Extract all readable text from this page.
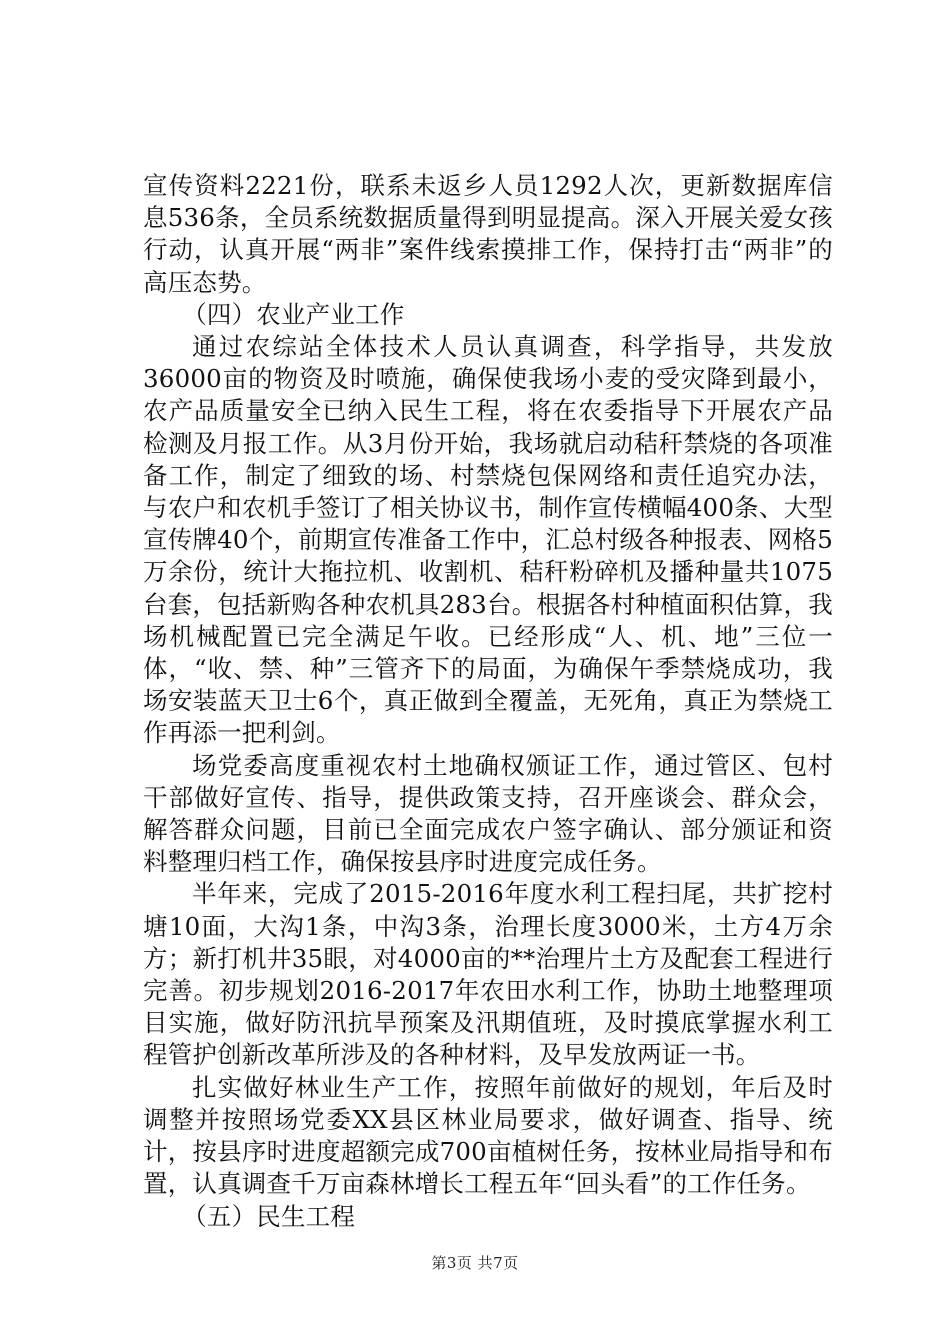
宣传资料2221份，联系未返乡人员1292人次，更新数据库信息536条，全员系统数据质量得到明显提高。深入开展关爱女孩行动，认真开展“两非”案件线索摸排工作，保持打击“两非”的高压态势。

（四）农业产业工作

通过农综站全体技术人员认真调查，科学指导，共发放36000亩的物资及时喷施，确保使我场小麦的受灾降到最小，农产品质量安全已纳入民生工程，将在农委指导下开展农产品检测及月报工作。从3月份开始，我场就启动秸秆禁烧的各项准备工作，制定了细致的场、村禁烧包保网络和责任追究办法，与农户和农机手签订了相关协议书，制作宣传横幅400条、大型宣传牌40个，前期宣传准备工作中，汇总村级各种报表、网格5万余份，统计大拖拉机、收割机、秸秆粉碎机及播种量共1075台套，包括新购各种农机具283台。根据各村种植面积估算，我场机械配置已完全满足午收。已经形成“人、机、地”三位一体，“收、禁、种”三管齐下的局面，为确保午季禁烧成功，我场安装蓝天卫士6个，真正做到全覆盖，无死角，真正为禁烧工作再添一把利剑。

场党委高度重视农村土地确权颁证工作，通过管区、包村干部做好宣传、指导，提供政策支持，召开座谈会、群众会，解答群众问题，目前已全面完成农户签字确认、部分颁证和资料整理归档工作，确保按县序时进度完成任务。

半年来，完成了2015-2016年度水利工程扫尾，共扩挖村塘10面，大沟1条，中沟3条，治理长度3000米，土方4万余方；新打机井35眼，对4000亩的**治理片土方及配套工程进行完善。初步规划2016-2017年农田水利工作，协助土地整理项目实施，做好防汛抗旱预案及汛期值班，及时摸底掌握水利工程管护创新改革所涉及的各种材料，及早发放两证一书。

扎实做好林业生产工作，按照年前做好的规划，年后及时调整并按照场党委XX县区林业局要求，做好调查、指导、统计，按县序时进度超额完成700亩植树任务，按林业局指导和布置，认真调查千万亩森林增长工程五年“回头看”的工作任务。

（五）民生工程

第3页 共7页
